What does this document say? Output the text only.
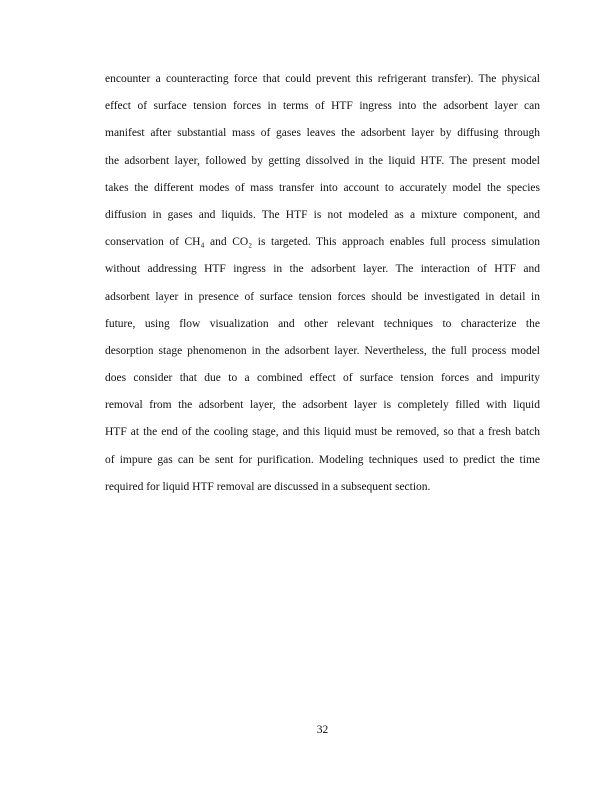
encounter a counteracting force that could prevent this refrigerant transfer). The physical
effect of surface tension forces in terms of HTF ingress into the adsorbent layer can
manifest after substantial mass of gases leaves the adsorbent layer by diffusing through
the adsorbent layer, followed by getting dissolved in the liquid HTF. The present model
takes the different modes of mass transfer into account to accurately model the species
diffusion in gases and liquids. The HTF is not modeled as a mixture component, and
conservation of CH₄ and CO₂ is targeted. This approach enables full process simulation
without addressing HTF ingress in the adsorbent layer. The interaction of HTF and
adsorbent layer in presence of surface tension forces should be investigated in detail in
future, using flow visualization and other relevant techniques to characterize the
desorption stage phenomenon in the adsorbent layer. Nevertheless, the full process model
does consider that due to a combined effect of surface tension forces and impurity
removal from the adsorbent layer, the adsorbent layer is completely filled with liquid
HTF at the end of the cooling stage, and this liquid must be removed, so that a fresh batch
of impure gas can be sent for purification. Modeling techniques used to predict the time
required for liquid HTF removal are discussed in a subsequent section.
32
